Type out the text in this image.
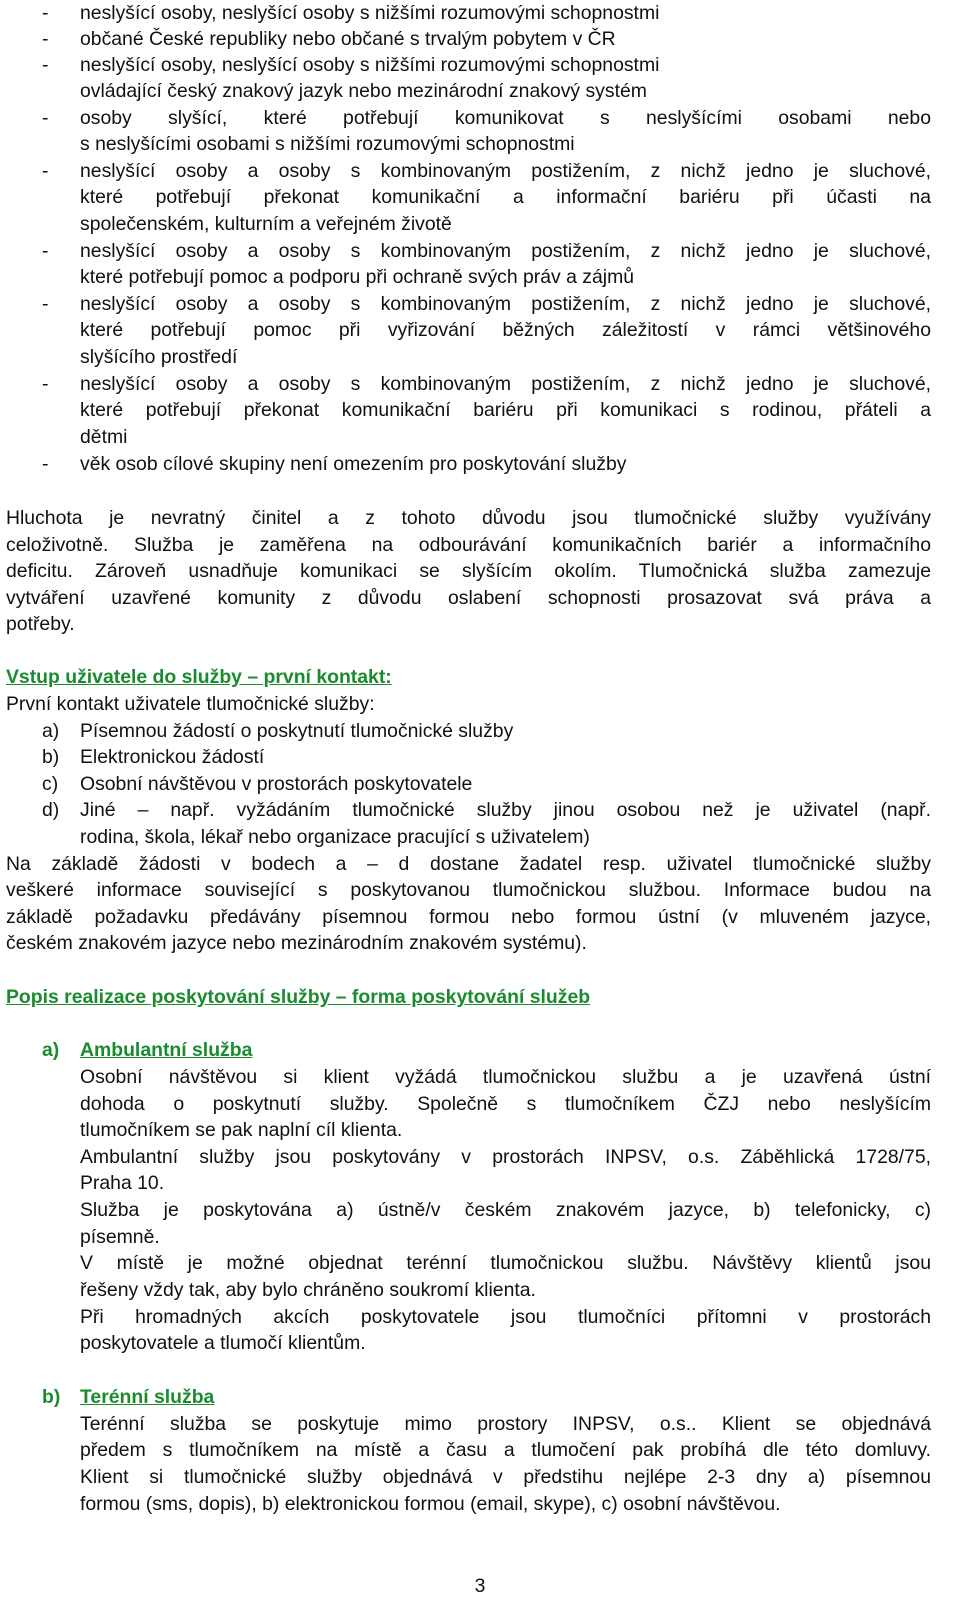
- neslyšící osoby, neslyšící osoby s nižšími rozumovými schopnostmi
- občané České republiky nebo občané s trvalým pobytem v ČR
- neslyšící osoby, neslyšící osoby s nižšími rozumovými schopnostmi
ovládající český znakový jazyk nebo mezinárodní znakový systém
- osoby slyšící, které potřebují komunikovat s neslyšícími osobami nebo
s neslyšícími osobami s nižšími rozumovými schopnostmi
- neslyšící osoby a osoby s kombinovaným postižením, z nichž jedno je sluchové,
které potřebují překonat komunikační a informační bariéru při účasti na
společenském, kulturním a veřejném životě
- neslyšící osoby a osoby s kombinovaným postižením, z nichž jedno je sluchové,
které potřebují pomoc a podporu při ochraně svých práv a zájmů
- neslyšící osoby a osoby s kombinovaným postižením, z nichž jedno je sluchové,
které potřebují pomoc při vyřizování běžných záležitostí v rámci většinového
slyšícího prostředí
- neslyšící osoby a osoby s kombinovaným postižením, z nichž jedno je sluchové,
které potřebují překonat komunikační bariéru při komunikaci s rodinou, přáteli a
dětmi
- věk osob cílové skupiny není omezením pro poskytování služby
Hluchota je nevratný činitel a z tohoto důvodu jsou tlumočnické služby využívány
celoživotně. Služba je zaměřena na odbourávání komunikačních bariér a informačního
deficitu. Zároveň usnadňuje komunikaci se slyšícím okolím. Tlumočnická služba zamezuje
vytváření uzavřené komunity z důvodu oslabení schopnosti prosazovat svá práva a
potřeby.
Vstup uživatele do služby – první kontakt:
První kontakt uživatele tlumočnické služby:
a) Písemnou žádostí o poskytnutí tlumočnické služby
b) Elektronickou žádostí
c) Osobní návštěvou v prostorách poskytovatele
d) Jiné – např. vyžádáním tlumočnické služby jinou osobou než je uživatel (např.
rodina, škola, lékař nebo organizace pracující s uživatelem)
Na základě žádosti v bodech a – d dostane žadatel resp. uživatel tlumočnické služby
veškeré informace související s poskytovanou tlumočnickou službou. Informace budou na
základě požadavku předávány písemnou formou nebo formou ústní (v mluveném jazyce,
českém znakovém jazyce nebo mezinárodním znakovém systému).
Popis realizace poskytování služby – forma poskytování služeb
a) Ambulantní služba
Osobní návštěvou si klient vyžádá tlumočnickou službu a je uzavřená ústní
dohoda o poskytnutí služby. Společně s tlumočníkem ČZJ nebo neslyšícím
tlumočníkem se pak naplní cíl klienta.
Ambulantní služby jsou poskytovány v prostorách INPSV, o.s. Záběhlická 1728/75,
Praha 10.
Služba je poskytována a) ústně/v českém znakovém jazyce, b) telefonicky, c)
písemně.
V místě je možné objednat terénní tlumočnickou službu. Návštěvy klientů jsou
řešeny vždy tak, aby bylo chráněno soukromí klienta.
Při hromadných akcích poskytovatele jsou tlumočníci přítomni v prostorách
poskytovatele a tlumočí klientům.
b) Terénní služba
Terénní služba se poskytuje mimo prostory INPSV, o.s.. Klient se objednává
předem s tlumočníkem na místě a času a tlumočení pak probíhá dle této domluvy.
Klient si tlumočnické služby objednává v předstihu nejlépe 2-3 dny a) písemnou
formou (sms, dopis), b) elektronickou formou (email, skype), c) osobní návštěvou.
3
